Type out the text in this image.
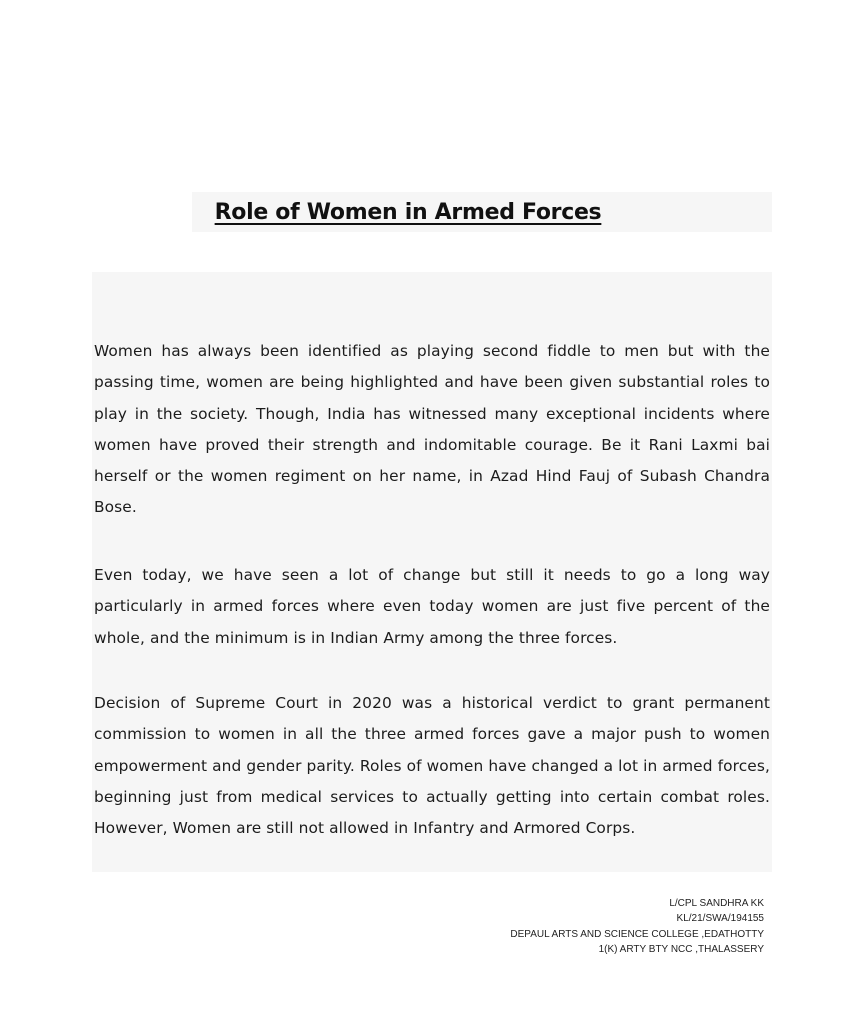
Role of Women in Armed Forces

Women has always been identified as playing second fiddle to men but with the passing time, women are being highlighted and have been given substantial roles to play in the society. Though, India has witnessed many exceptional incidents where women have proved their strength and indomitable courage. Be it Rani Laxmi bai herself or the women regiment on her name, in Azad Hind Fauj of Subash Chandra Bose.

Even today, we have seen a lot of change but still it needs to go a long way particularly in armed forces where even today women are just five percent of the whole, and the minimum is in Indian Army among the three forces.

Decision of Supreme Court in 2020 was a historical verdict to grant permanent commission to women in all the three armed forces gave a major push to women empowerment and gender parity. Roles of women have changed a lot in armed forces, beginning just from medical services to actually getting into certain combat roles. However, Women are still not allowed in Infantry and Armored Corps.

L/CPL SANDHRA KK
KL/21/SWA/194155
DEPAUL ARTS AND SCIENCE COLLEGE ,EDATHOTTY
1(K) ARTY BTY NCC ,THALASSERY
